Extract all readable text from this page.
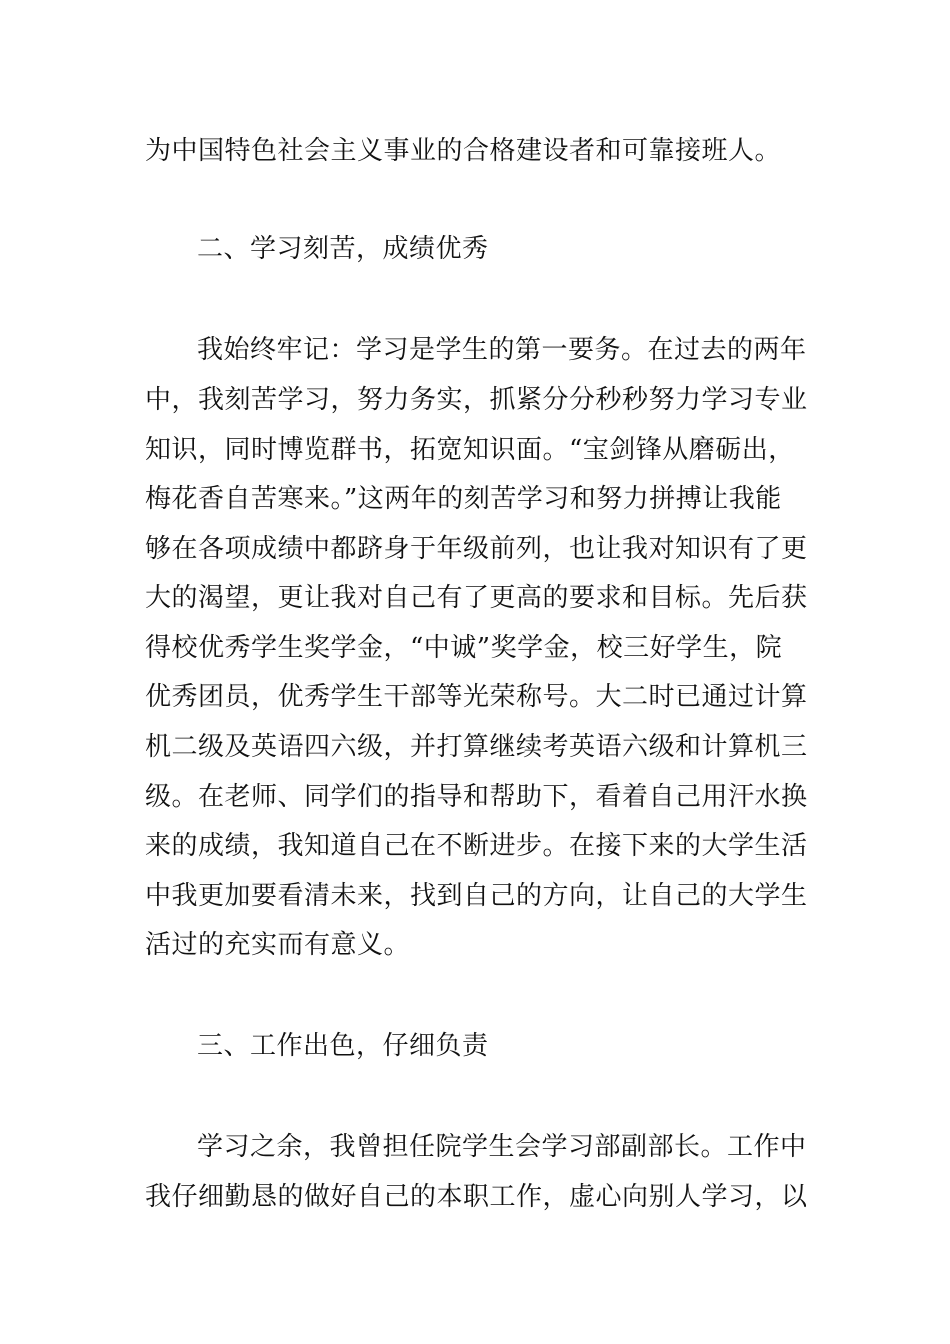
为中国特色社会主义事业的合格建设者和可靠接班人。

二、学习刻苦，成绩优秀

我始终牢记：学习是学生的第一要务。在过去的两年

中，我刻苦学习，努力务实，抓紧分分秒秒努力学习专业

知识，同时博览群书，拓宽知识面。“宝剑锋从磨砺出，

梅花香自苦寒来。”这两年的刻苦学习和努力拼搏让我能

够在各项成绩中都跻身于年级前列，也让我对知识有了更

大的渴望，更让我对自己有了更高的要求和目标。先后获

得校优秀学生奖学金，“中诚”奖学金，校三好学生，院

优秀团员，优秀学生干部等光荣称号。大二时已通过计算

机二级及英语四六级，并打算继续考英语六级和计算机三

级。在老师、同学们的指导和帮助下，看着自己用汗水换

来的成绩，我知道自己在不断进步。在接下来的大学生活

中我更加要看清未来，找到自己的方向，让自己的大学生

活过的充实而有意义。

三、工作出色，仔细负责

学习之余，我曾担任院学生会学习部副部长。工作中

我仔细勤恳的做好自己的本职工作，虚心向别人学习，以
